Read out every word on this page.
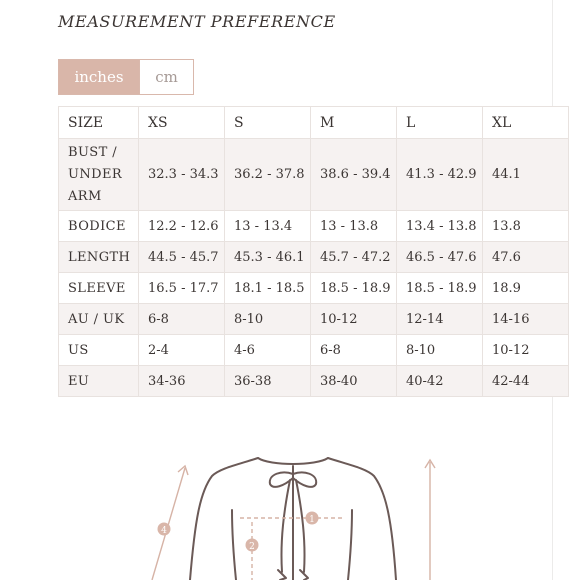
MEASUREMENT PREFERENCE
inches	cm
SIZE	XS	S	M	L	XL
BUST /
UNDER
ARM	32.3 - 34.3	36.2 - 37.8	38.6 - 39.4	41.3 - 42.9	44.1
BODICE	12.2 - 12.6	13 - 13.4	13 - 13.8	13.4 - 13.8	13.8
LENGTH	44.5 - 45.7	45.3 - 46.1	45.7 - 47.2	46.5 - 47.6	47.6
SLEEVE	16.5 - 17.7	18.1 - 18.5	18.5 - 18.9	18.5 - 18.9	18.9
AU / UK	6-8	8-10	10-12	12-14	14-16
US	2-4	4-6	6-8	8-10	10-12
EU	34-36	36-38	38-40	40-42	42-44
4
1
2
